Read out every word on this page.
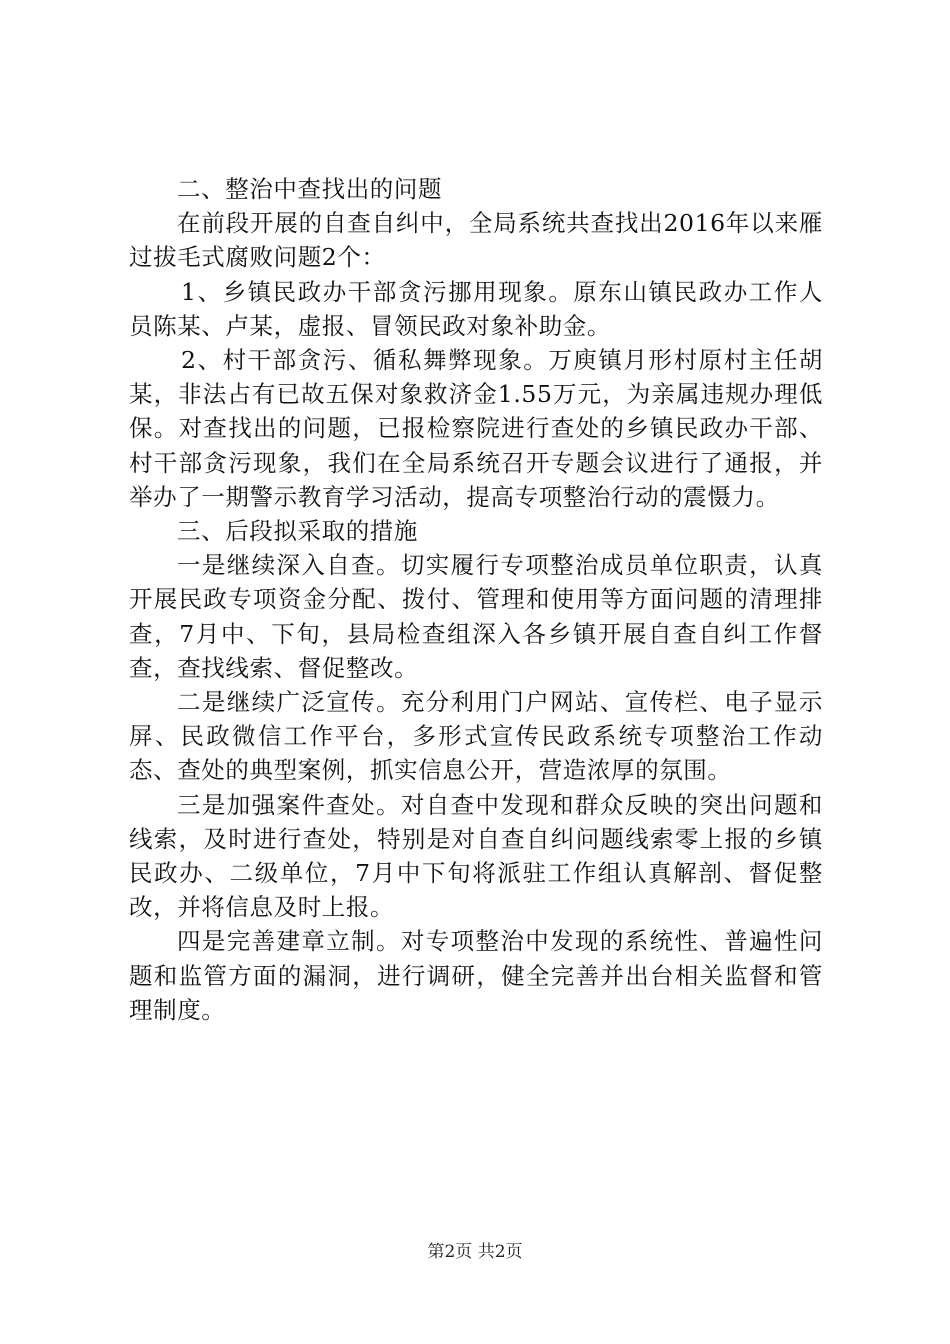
二、整治中查找出的问题

在前段开展的自查自纠中，全局系统共查找出2016年以来雁过拔毛式腐败问题2个：

1、乡镇民政办干部贪污挪用现象。原东山镇民政办工作人员陈某、卢某，虚报、冒领民政对象补助金。

2、村干部贪污、循私舞弊现象。万庾镇月形村原村主任胡某，非法占有已故五保对象救济金1.55万元，为亲属违规办理低保。对查找出的问题，已报检察院进行查处的乡镇民政办干部、村干部贪污现象，我们在全局系统召开专题会议进行了通报，并举办了一期警示教育学习活动，提高专项整治行动的震慑力。

三、后段拟采取的措施

一是继续深入自查。切实履行专项整治成员单位职责，认真开展民政专项资金分配、拨付、管理和使用等方面问题的清理排查，7月中、下旬，县局检查组深入各乡镇开展自查自纠工作督查，查找线索、督促整改。

二是继续广泛宣传。充分利用门户网站、宣传栏、电子显示屏、民政微信工作平台，多形式宣传民政系统专项整治工作动态、查处的典型案例，抓实信息公开，营造浓厚的氛围。

三是加强案件查处。对自查中发现和群众反映的突出问题和线索，及时进行查处，特别是对自查自纠问题线索零上报的乡镇民政办、二级单位，7月中下旬将派驻工作组认真解剖、督促整改，并将信息及时上报。

四是完善建章立制。对专项整治中发现的系统性、普遍性问题和监管方面的漏洞，进行调研，健全完善并出台相关监督和管理制度。

第2页 共2页
